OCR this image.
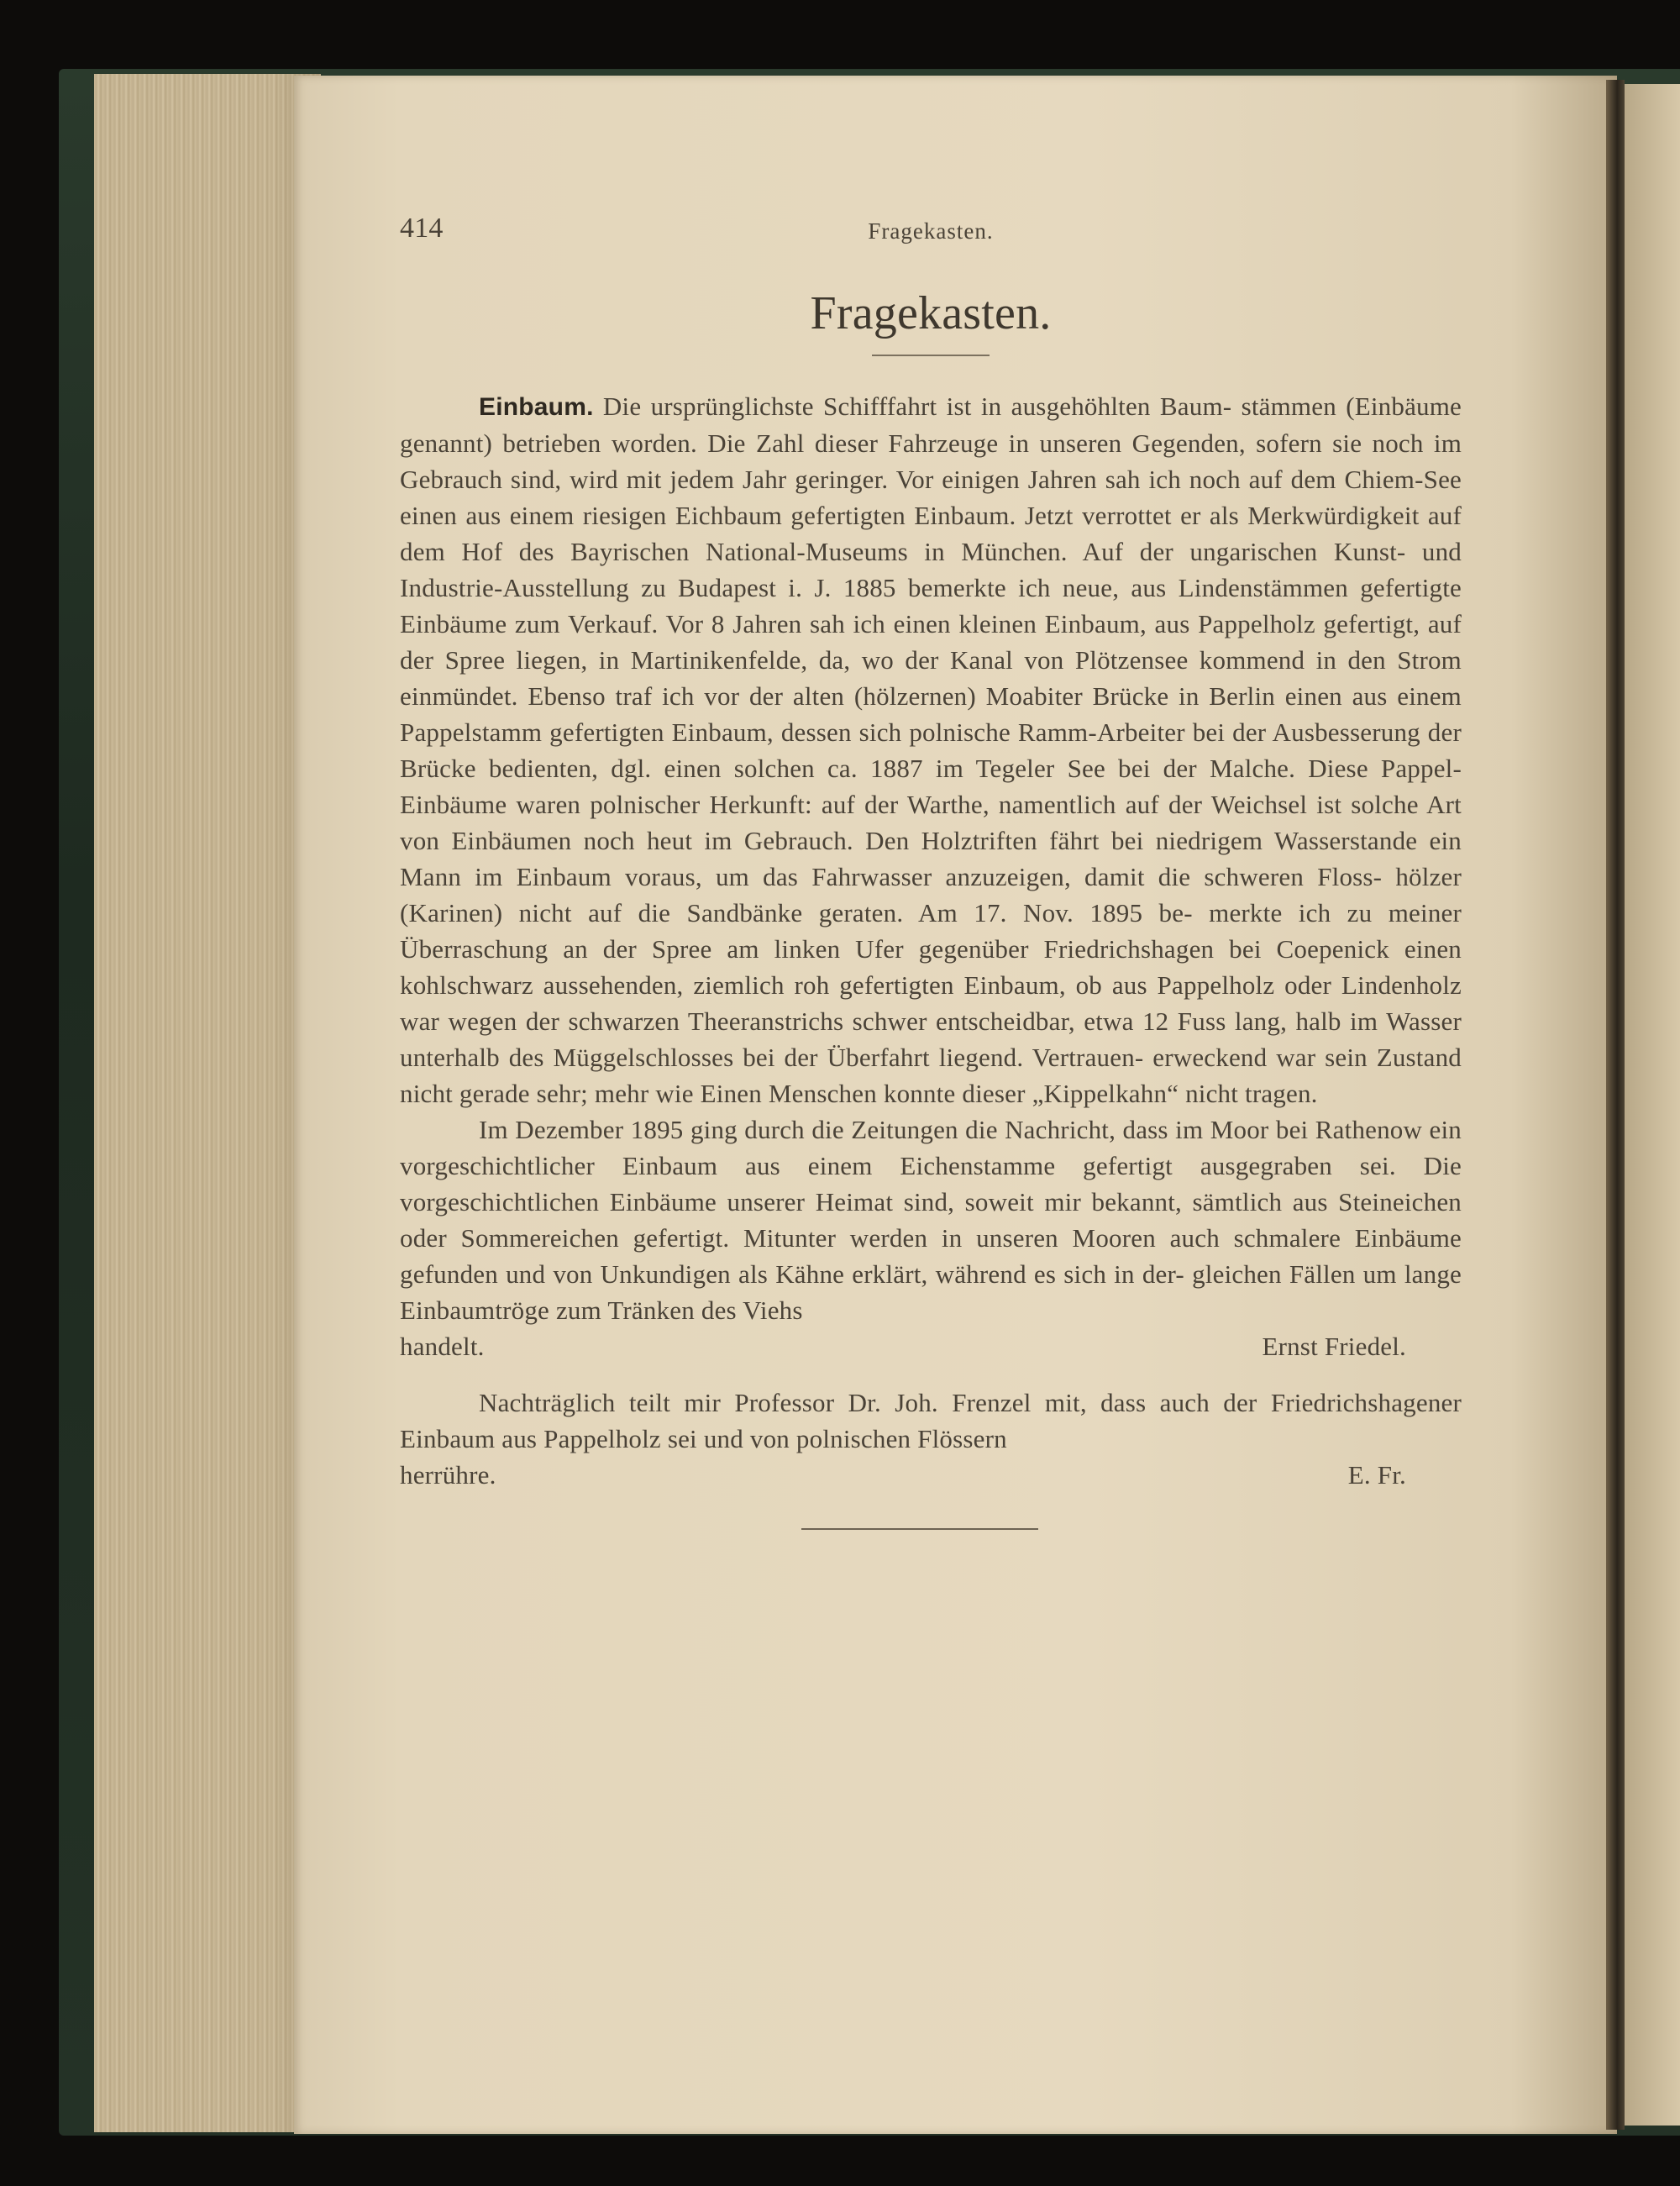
414	Fragekasten.
Fragekasten.

Einbaum. Die ursprünglichste Schifffahrt ist in ausgehöhlten Baum- stämmen (Einbäume genannt) betrieben worden. Die Zahl dieser Fahrzeuge in unseren Gegenden, sofern sie noch im Gebrauch sind, wird mit jedem Jahr geringer. Vor einigen Jahren sah ich noch auf dem Chiem-See einen aus einem riesigen Eichbaum gefertigten Einbaum. Jetzt verrottet er als Merkwürdigkeit auf dem Hof des Bayrischen National-Museums in München. Auf der ungarischen Kunst- und Industrie-Ausstellung zu Budapest i. J. 1885 bemerkte ich neue, aus Lindenstämmen gefertigte Einbäume zum Verkauf. Vor 8 Jahren sah ich einen kleinen Einbaum, aus Pappelholz gefertigt, auf der Spree liegen, in Martinikenfelde, da, wo der Kanal von Plötzensee kommend in den Strom einmündet. Ebenso traf ich vor der alten (hölzernen) Moabiter Brücke in Berlin einen aus einem Pappelstamm gefertigten Einbaum, dessen sich polnische Ramm-Arbeiter bei der Ausbesserung der Brücke bedienten, dgl. einen solchen ca. 1887 im Tegeler See bei der Malche. Diese Pappel-Einbäume waren polnischer Herkunft: auf der Warthe, namentlich auf der Weichsel ist solche Art von Einbäumen noch heut im Gebrauch. Den Holztriften fährt bei niedrigem Wasserstande ein Mann im Einbaum voraus, um das Fahrwasser anzuzeigen, damit die schweren Floss- hölzer (Karinen) nicht auf die Sandbänke geraten. Am 17. Nov. 1895 be- merkte ich zu meiner Überraschung an der Spree am linken Ufer gegenüber Friedrichshagen bei Coepenick einen kohlschwarz aussehenden, ziemlich roh gefertigten Einbaum, ob aus Pappelholz oder Lindenholz war wegen der schwarzen Theeranstrichs schwer entscheidbar, etwa 12 Fuss lang, halb im Wasser unterhalb des Müggelschlosses bei der Überfahrt liegend. Vertrauen- erweckend war sein Zustand nicht gerade sehr; mehr wie Einen Menschen konnte dieser „Kippelkahn“ nicht tragen.

Im Dezember 1895 ging durch die Zeitungen die Nachricht, dass im Moor bei Rathenow ein vorgeschichtlicher Einbaum aus einem Eichenstamme gefertigt ausgegraben sei. Die vorgeschichtlichen Einbäume unserer Heimat sind, soweit mir bekannt, sämtlich aus Steineichen oder Sommereichen gefertigt. Mitunter werden in unseren Mooren auch schmalere Einbäume gefunden und von Unkundigen als Kähne erklärt, während es sich in der- gleichen Fällen um lange Einbaumtröge zum Tränken des Viehs

handelt.	Ernst Friedel.

Nachträglich teilt mir Professor Dr. Joh. Frenzel mit, dass auch der Friedrichshagener Einbaum aus Pappelholz sei und von polnischen Flössern

herrühre.	E. Fr.
